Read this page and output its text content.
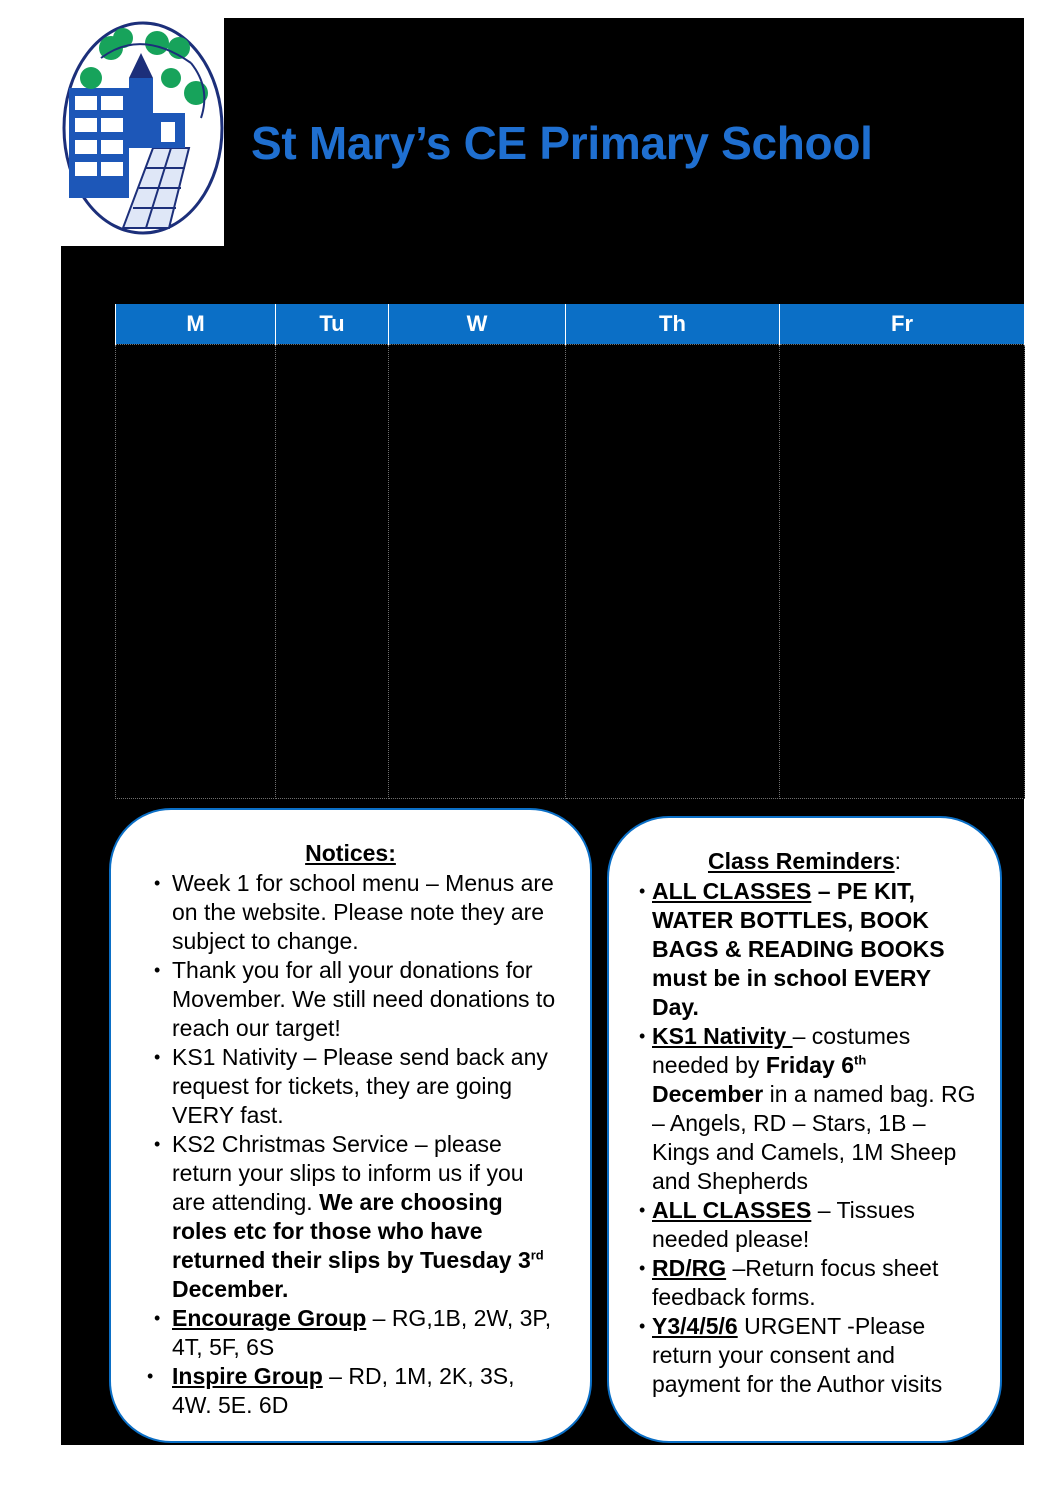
St Mary’s CE Primary School
M	Tu	W	Th	Fr

Notices:
• Week 1 for school menu – Menus are on the website. Please note they are subject to change.
• Thank you for all your donations for Movember. We still need donations to reach our target!
• KS1 Nativity – Please send back any request for tickets, they are going VERY fast.
• KS2 Christmas Service – please return your slips to inform us if you are attending. We are choosing roles etc for those who have returned their slips by Tuesday 3rd December.
• Encourage Group – RG,1B, 2W, 3P, 4T, 5F, 6S
• Inspire Group – RD, 1M, 2K, 3S, 4W. 5E. 6D
Class Reminders:
• ALL CLASSES – PE KIT, WATER BOTTLES, BOOK BAGS & READING BOOKS must be in school EVERY Day.
• KS1 Nativity – costumes needed by Friday 6th December in a named bag. RG – Angels, RD – Stars, 1B – Kings and Camels, 1M Sheep and Shepherds
• ALL CLASSES – Tissues needed please!
• RD/RG –Return focus sheet feedback forms.
• Y3/4/5/6 URGENT -Please return your consent and payment for the Author visits
